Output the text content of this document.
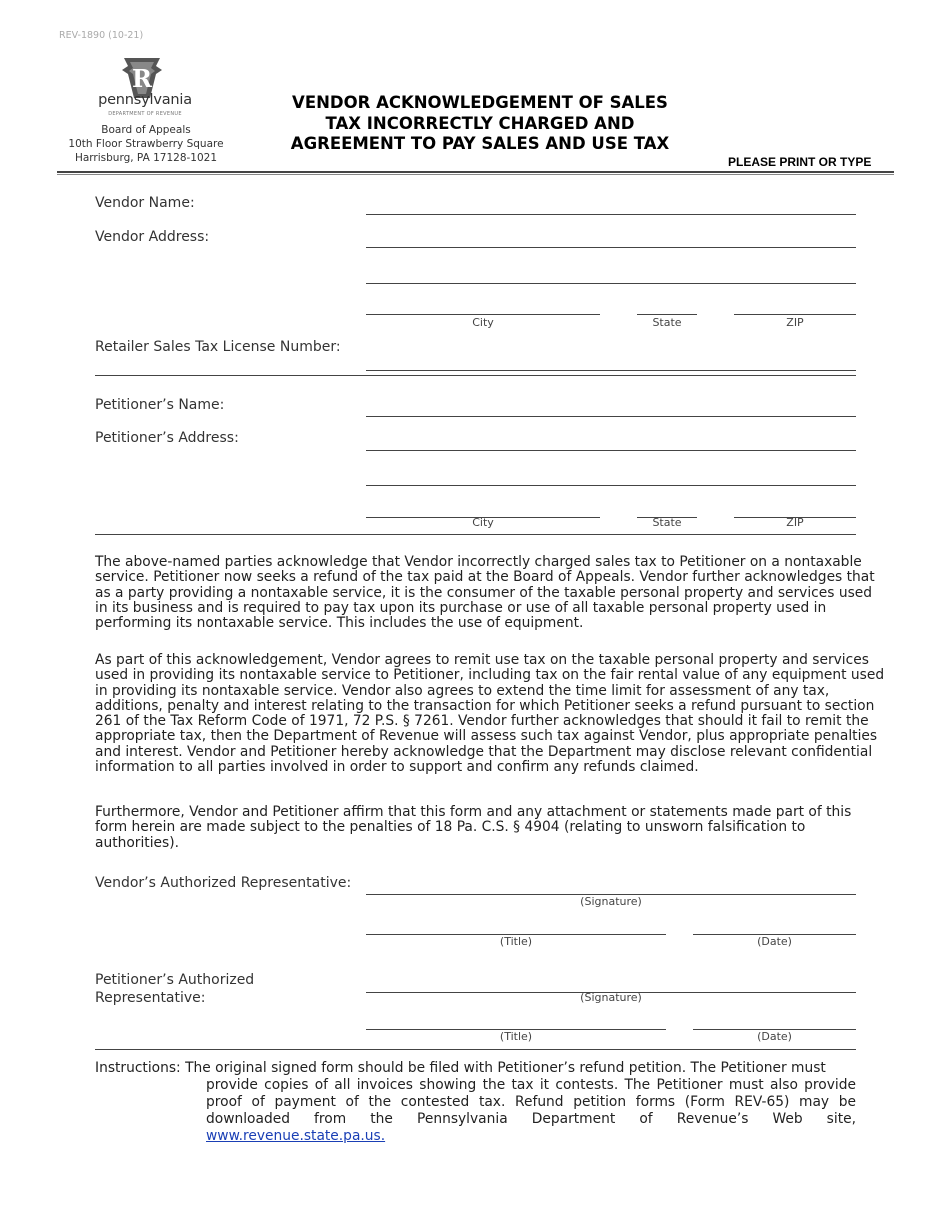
REV-1890 (10-21)
R
pennsylvania
DEPARTMENT OF REVENUE
Board of Appeals
10th Floor Strawberry Square
Harrisburg, PA 17128-1021
VENDOR ACKNOWLEDGEMENT OF SALES
TAX INCORRECTLY CHARGED AND
AGREEMENT TO PAY SALES AND USE TAX
PLEASE PRINT OR TYPE
Vendor Name:
Vendor Address:
City	State	ZIP
Retailer Sales Tax License Number:
Petitioner’s Name:
Petitioner’s Address:
City	State	ZIP
The above-named parties acknowledge that Vendor incorrectly charged sales tax to Petitioner on a nontaxable service. Petitioner now seeks a refund of the tax paid at the Board of Appeals. Vendor further acknowledges that as a party providing a nontaxable service, it is the consumer of the taxable personal property and services used in its business and is required to pay tax upon its purchase or use of all taxable personal property used in performing its nontaxable service. This includes the use of equipment.
As part of this acknowledgement, Vendor agrees to remit use tax on the taxable personal property and services used in providing its nontaxable service to Petitioner, including tax on the fair rental value of any equipment used in providing its nontaxable service. Vendor also agrees to extend the time limit for assessment of any tax, additions, penalty and interest relating to the transaction for which Petitioner seeks a refund pursuant to section 261 of the Tax Reform Code of 1971, 72 P.S. § 7261. Vendor further acknowledges that should it fail to remit the appropriate tax, then the Department of Revenue will assess such tax against Vendor, plus appropriate penalties and interest. Vendor and Petitioner hereby acknowledge that the Department may disclose relevant confidential information to all parties involved in order to support and confirm any refunds claimed.
Furthermore, Vendor and Petitioner affirm that this form and any attachment or statements made part of this form herein are made subject to the penalties of 18 Pa. C.S. § 4904 (relating to unsworn falsification to authorities).
Vendor’s Authorized Representative:
(Signature)
(Title)	(Date)
Petitioner’s Authorized
Representative:	(Signature)
(Title)	(Date)
Instructions: The original signed form should be filed with Petitioner’s refund petition. The Petitioner must
provide copies of all invoices showing the tax it contests. The Petitioner must also provide proof of payment of the contested tax. Refund petition forms (Form REV-65) may be downloaded from the Pennsylvania Department of Revenue’s Web site, www.revenue.state.pa.us.
